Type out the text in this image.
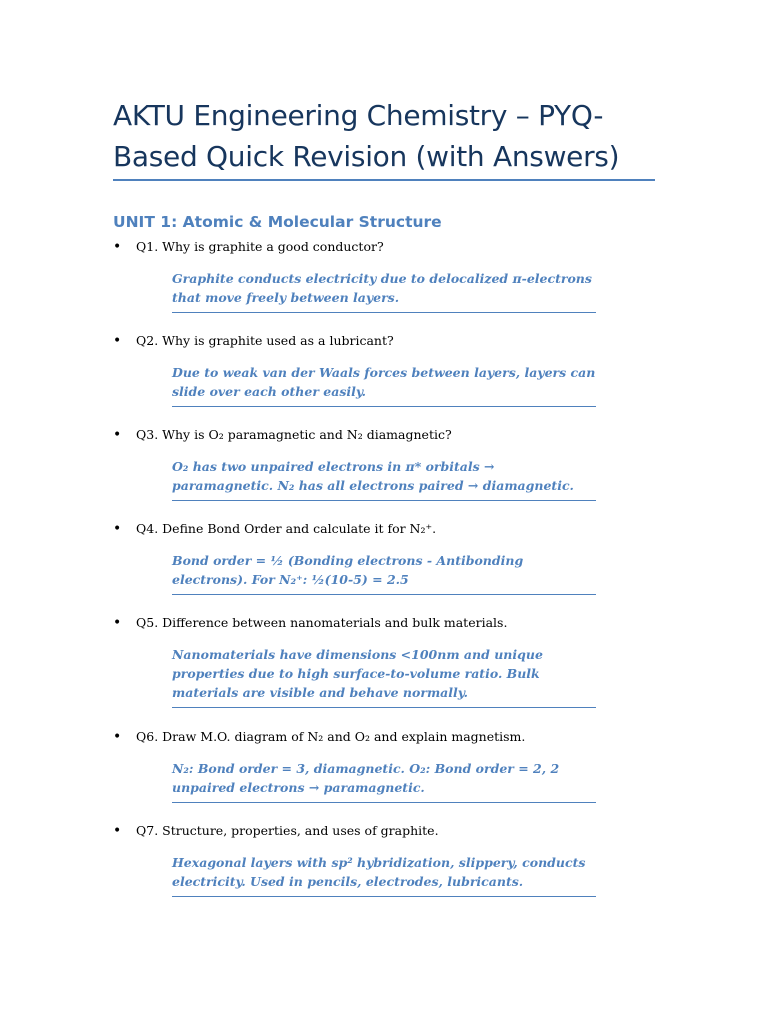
AKTU Engineering Chemistry – PYQ-Based Quick Revision (with Answers)
UNIT 1: Atomic & Molecular Structure
• Q1. Why is graphite a good conductor?
Graphite conducts electricity due to delocalized π-electrons that move freely between layers.
• Q2. Why is graphite used as a lubricant?
Due to weak van der Waals forces between layers, layers can slide over each other easily.
• Q3. Why is O₂ paramagnetic and N₂ diamagnetic?
O₂ has two unpaired electrons in π* orbitals → paramagnetic. N₂ has all electrons paired → diamagnetic.
• Q4. Define Bond Order and calculate it for N₂⁺.
Bond order = ½ (Bonding electrons - Antibonding electrons). For N₂⁺: ½(10-5) = 2.5
• Q5. Difference between nanomaterials and bulk materials.
Nanomaterials have dimensions <100nm and unique properties due to high surface-to-volume ratio. Bulk materials are visible and behave normally.
• Q6. Draw M.O. diagram of N₂ and O₂ and explain magnetism.
N₂: Bond order = 3, diamagnetic. O₂: Bond order = 2, 2 unpaired electrons → paramagnetic.
• Q7. Structure, properties, and uses of graphite.
Hexagonal layers with sp² hybridization, slippery, conducts electricity. Used in pencils, electrodes, lubricants.
